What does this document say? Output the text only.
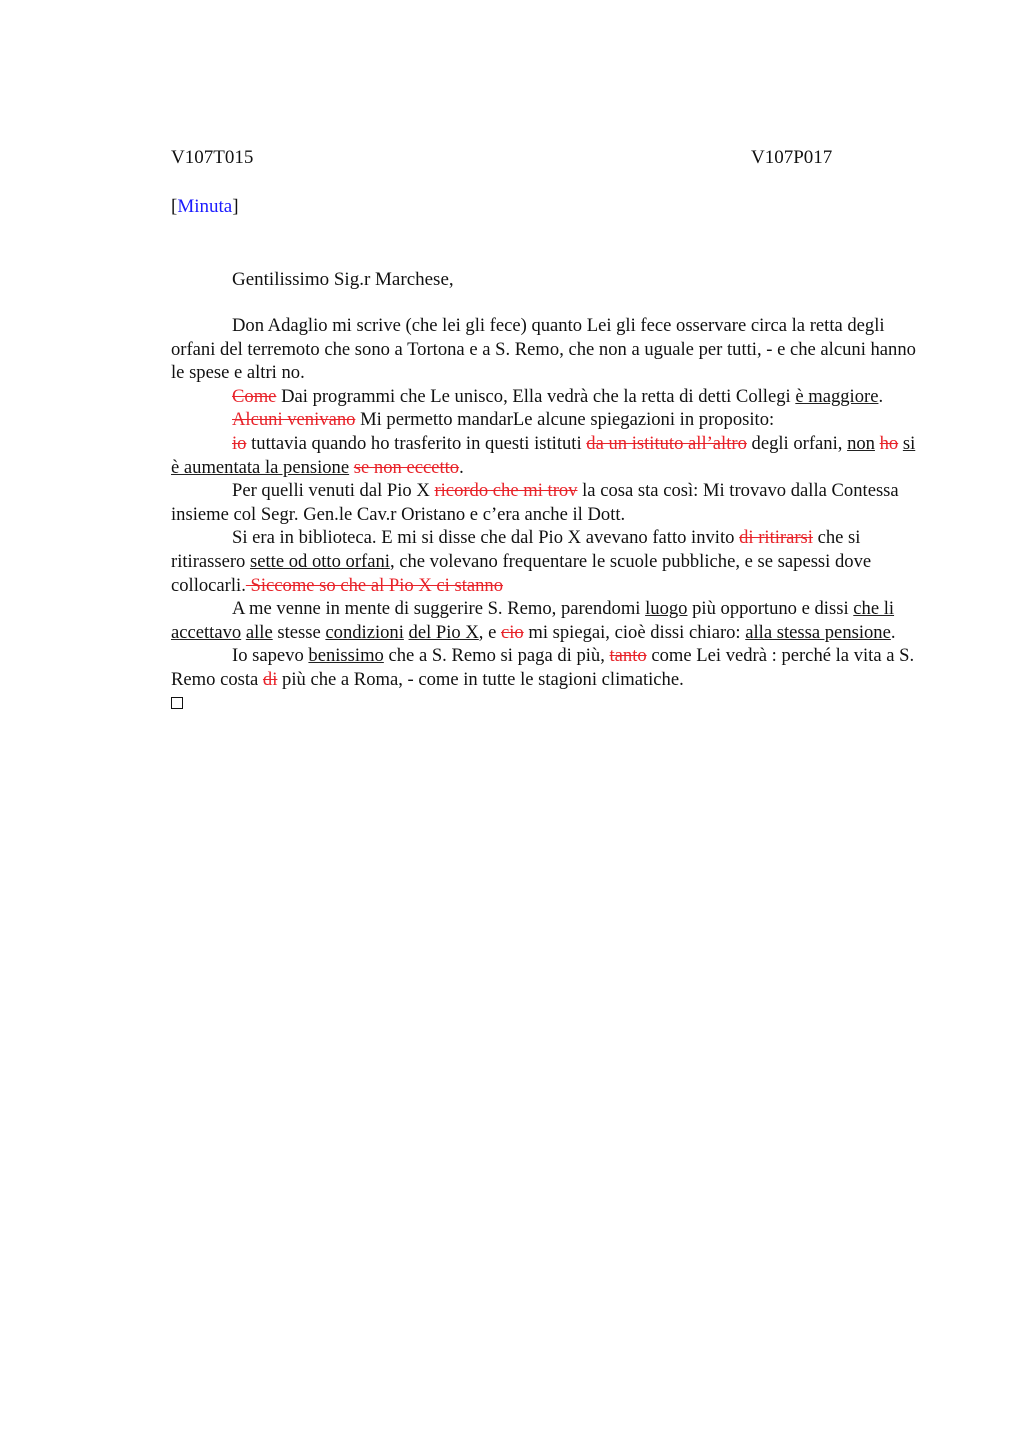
V107T015	V107P017
[Minuta]
Gentilissimo Sig.r Marchese,

Don Adaglio mi scrive (che lei gli fece) quanto Lei gli fece osservare circa la retta degli orfani del terremoto che sono a Tortona e a S. Remo, che non a uguale per tutti, - e che alcuni hanno le spese e altri no.

Come Dai programmi che Le unisco, Ella vedrà che la retta di detti Collegi è maggiore.

Alcuni venivano Mi permetto mandarLe alcune spiegazioni in proposito:

io tuttavia quando ho trasferito in questi istituti da un istituto all’altro degli orfani, non ho si è aumentata la pensione se non eccetto.

Per quelli venuti dal Pio X ricordo che mi trov la cosa sta così: Mi trovavo dalla Contessa insieme col Segr. Gen.le Cav.r Oristano e c’era anche il Dott.

Si era in biblioteca. E mi si disse che dal Pio X avevano fatto invito di ritirarsi che si ritirassero sette od otto orfani, che volevano frequentare le scuole pubbliche, e se sapessi dove collocarli. Siccome so che al Pio X ci stanno

A me venne in mente di suggerire S. Remo, parendomi luogo più opportuno e dissi che li accettavo alle stesse condizioni del Pio X, e cio mi spiegai, cioè dissi chiaro: alla stessa pensione.

Io sapevo benissimo che a S. Remo si paga di più, tanto come Lei vedrà : perché la vita a S. Remo costa di più che a Roma, - come in tutte le stagioni climatiche.
